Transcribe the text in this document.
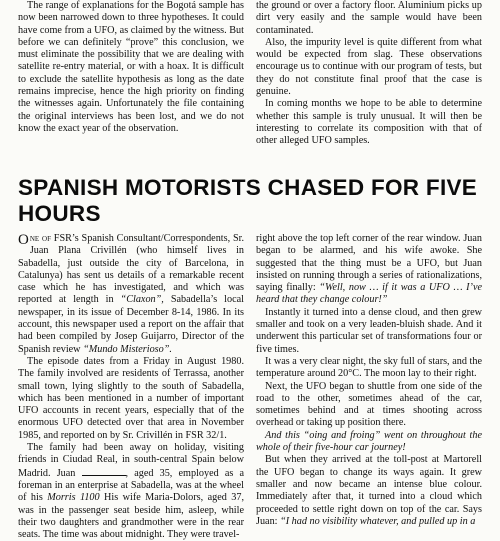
The range of explanations for the Bogotá sample has now been narrowed down to three hypotheses. It could have come from a UFO, as claimed by the witness. But before we can definitely “prove” this conclusion, we must eliminate the possibility that we are dealing with satellite re-entry material, or with a hoax. It is difficult to exclude the satellite hypothesis as long as the date remains imprecise, hence the high priority on finding the witnesses again. Unfortunately the file containing the original interviews has been lost, and we do not know the exact year of the observation.

the ground or over a factory floor. Aluminium picks up dirt very easily and the sample would have been contaminated.

Also, the impurity level is quite different from what would be expected from slag. These observations encourage us to continue with our program of tests, but they do not constitute final proof that the case is genuine.

In coming months we hope to be able to determine whether this sample is truly unusual. It will then be interesting to correlate its composition with that of other alleged UFO samples.

SPANISH MOTORISTS CHASED FOR FIVE HOURS

O ne of FSR’s Spanish Consultant/Correspondents, Sr. Juan Plana Crivillén (who himself lives in Sabadella, just outside the city of Barcelona, in Catalunya) has sent us details of a remarkable recent case which he has investigated, and which was reported at length in “Claxon”, Sabadella’s local newspaper, in its issue of December 8-14, 1986. In its account, this newspaper used a report on the affair that had been compiled by Josep Guijarro, Director of the Spanish review “Mundo Misterioso”.

The episode dates from a Friday in August 1980. The family involved are residents of Terrassa, another small town, lying slightly to the south of Sabadella, which has been mentioned in a number of important UFO accounts in recent years, especially that of the enormous UFO detected over that area in November 1985, and reported on by Sr. Crivillén in FSR 32/1.

The family had been away on holiday, visiting friends in Ciudad Real, in south-central Spain below Madrid. Juan	, aged 35, employed as a foreman in an enterprise at Sabadella, was at the wheel of his Morris 1100 His wife Maria-Dolors, aged 37, was in the passenger seat beside him, asleep, while their two daughters and grandmother were in the rear seats. The time was about midnight. They were travel-

right above the top left corner of the rear window. Juan began to be alarmed, and his wife awoke. She suggested that the thing must be a UFO, but Juan insisted on running through a series of rationalizations, saying finally: “Well, now … if it was a UFO … I’ve heard that they change colour!”

Instantly it turned into a dense cloud, and then grew smaller and took on a very leaden-bluish shade. And it underwent this particular set of transformations four or five times.

It was a very clear night, the sky full of stars, and the temperature around 20°C. The moon lay to their right.

Next, the UFO began to shuttle from one side of the road to the other, sometimes ahead of the car, sometimes behind and at times shooting across overhead or taking up position there.

And this “oing and froing” went on throughout the whole of their five-hour car journey!

But when they arrived at the toll-post at Martorell the UFO began to change its ways again. It grew smaller and now became an intense blue colour. Immediately after that, it turned into a cloud which proceeded to settle right down on top of the car. Says Juan: “I had no visibility whatever, and pulled up in a
